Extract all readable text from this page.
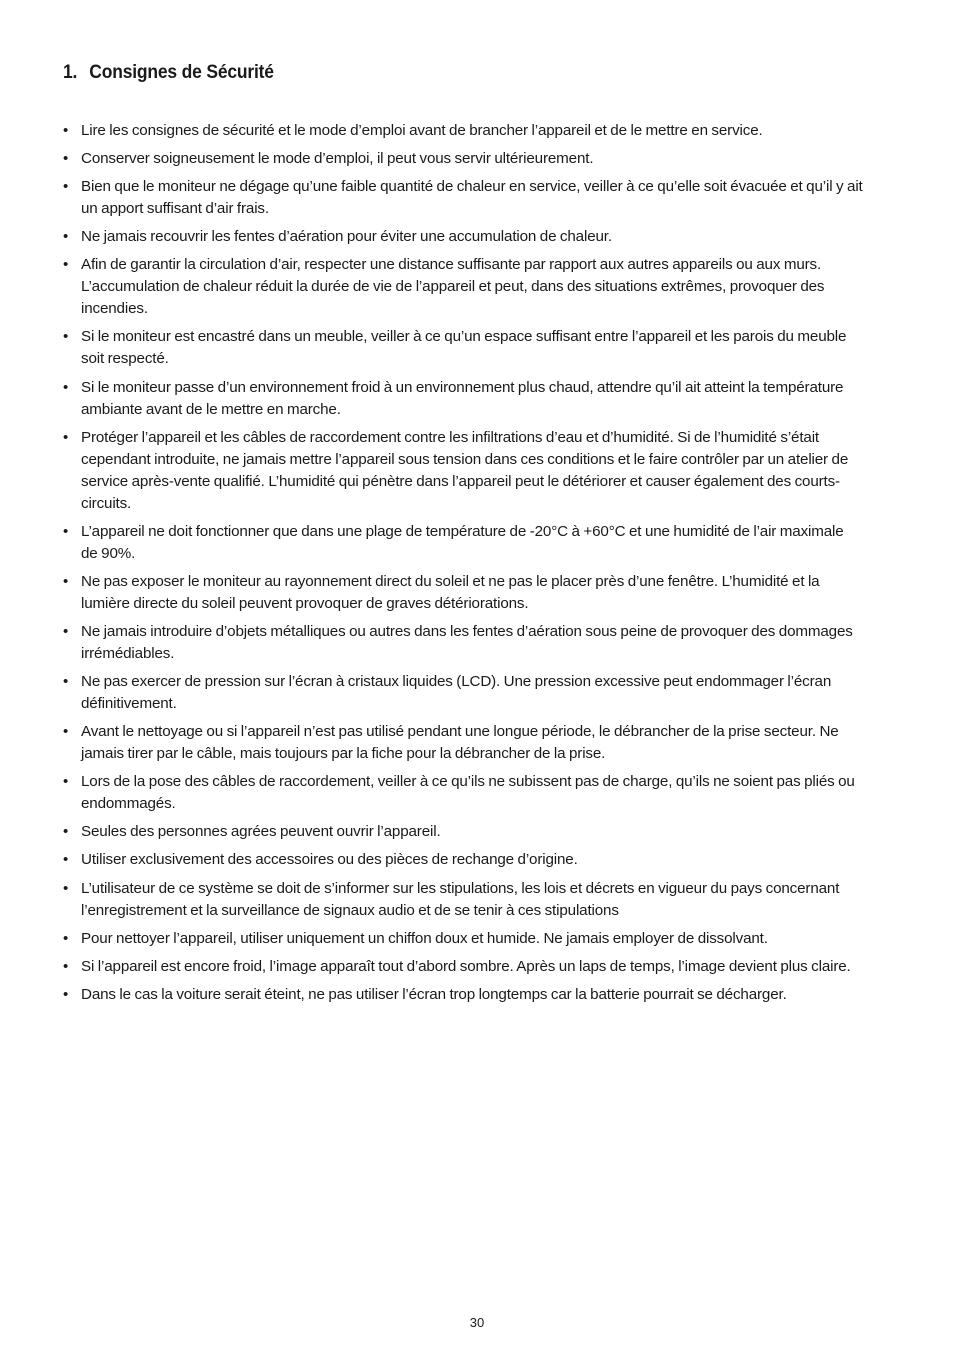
1. Consignes de Sécurité
• Lire les consignes de sécurité et le mode d’emploi avant de brancher l’appareil et de le mettre en service.
• Conserver soigneusement le mode d’emploi, il peut vous servir ultérieurement.
• Bien que le moniteur ne dégage qu’une faible quantité de chaleur en service, veiller à ce qu’elle soit évacuée et qu’il y ait un apport suffisant d’air frais.
• Ne jamais recouvrir les fentes d’aération pour éviter une accumulation de chaleur.
• Afin de garantir la circulation d’air, respecter une distance suffisante par rapport aux autres appareils ou aux murs. L’accumulation de chaleur réduit la durée de vie de l’appareil et peut, dans des situations extrêmes, provoquer des incendies.
• Si le moniteur est encastré dans un meuble, veiller à ce qu’un espace suffisant entre l’appareil et les parois du meuble soit respecté.
• Si le moniteur passe d’un environnement froid à un environnement plus chaud, attendre qu’il ait atteint la température ambiante avant de le mettre en marche.
• Protéger l’appareil et les câbles de raccordement contre les infiltrations d’eau et d’humidité. Si de l’humidité s’était cependant introduite, ne jamais mettre l’appareil sous tension dans ces conditions et le faire contrôler par un atelier de service après-vente qualifié. L’humidité qui pénètre dans l’appareil peut le détériorer et causer également des courts-circuits.
• L’appareil ne doit fonctionner que dans une plage de température de -20°C à +60°C et une humidité de l’air maximale de 90%.
• Ne pas exposer le moniteur au rayonnement direct du soleil et ne pas le placer près d’une fenêtre. L’humidité et la lumière directe du soleil peuvent provoquer de graves détériorations.
• Ne jamais introduire d’objets métalliques ou autres dans les fentes d’aération sous peine de provoquer des dommages irrémédiables.
• Ne pas exercer de pression sur l’écran à cristaux liquides (LCD). Une pression excessive peut endommager l’écran définitivement.
• Avant le nettoyage ou si l’appareil n’est pas utilisé pendant une longue période, le débrancher de la prise secteur. Ne jamais tirer par le câble, mais toujours par la fiche pour la débrancher de la prise.
• Lors de la pose des câbles de raccordement, veiller à ce qu’ils ne subissent pas de charge, qu’ils ne soient pas pliés ou endommagés.
• Seules des personnes agrées peuvent ouvrir l’appareil.
• Utiliser exclusivement des accessoires ou des pièces de rechange d’origine.
• L’utilisateur de ce système se doit de s’informer sur les stipulations, les lois et décrets en vigueur du pays concernant l’enregistrement et la surveillance de signaux audio et de se tenir à ces stipulations
• Pour nettoyer l’appareil, utiliser uniquement un chiffon doux et humide. Ne jamais employer de dissolvant.
• Si l’appareil est encore froid, l’image apparaît tout d’abord sombre. Après un laps de temps, l’image devient plus claire.
• Dans le cas la voiture serait éteint, ne pas utiliser l’écran trop longtemps car la batterie pourrait se décharger.
30
